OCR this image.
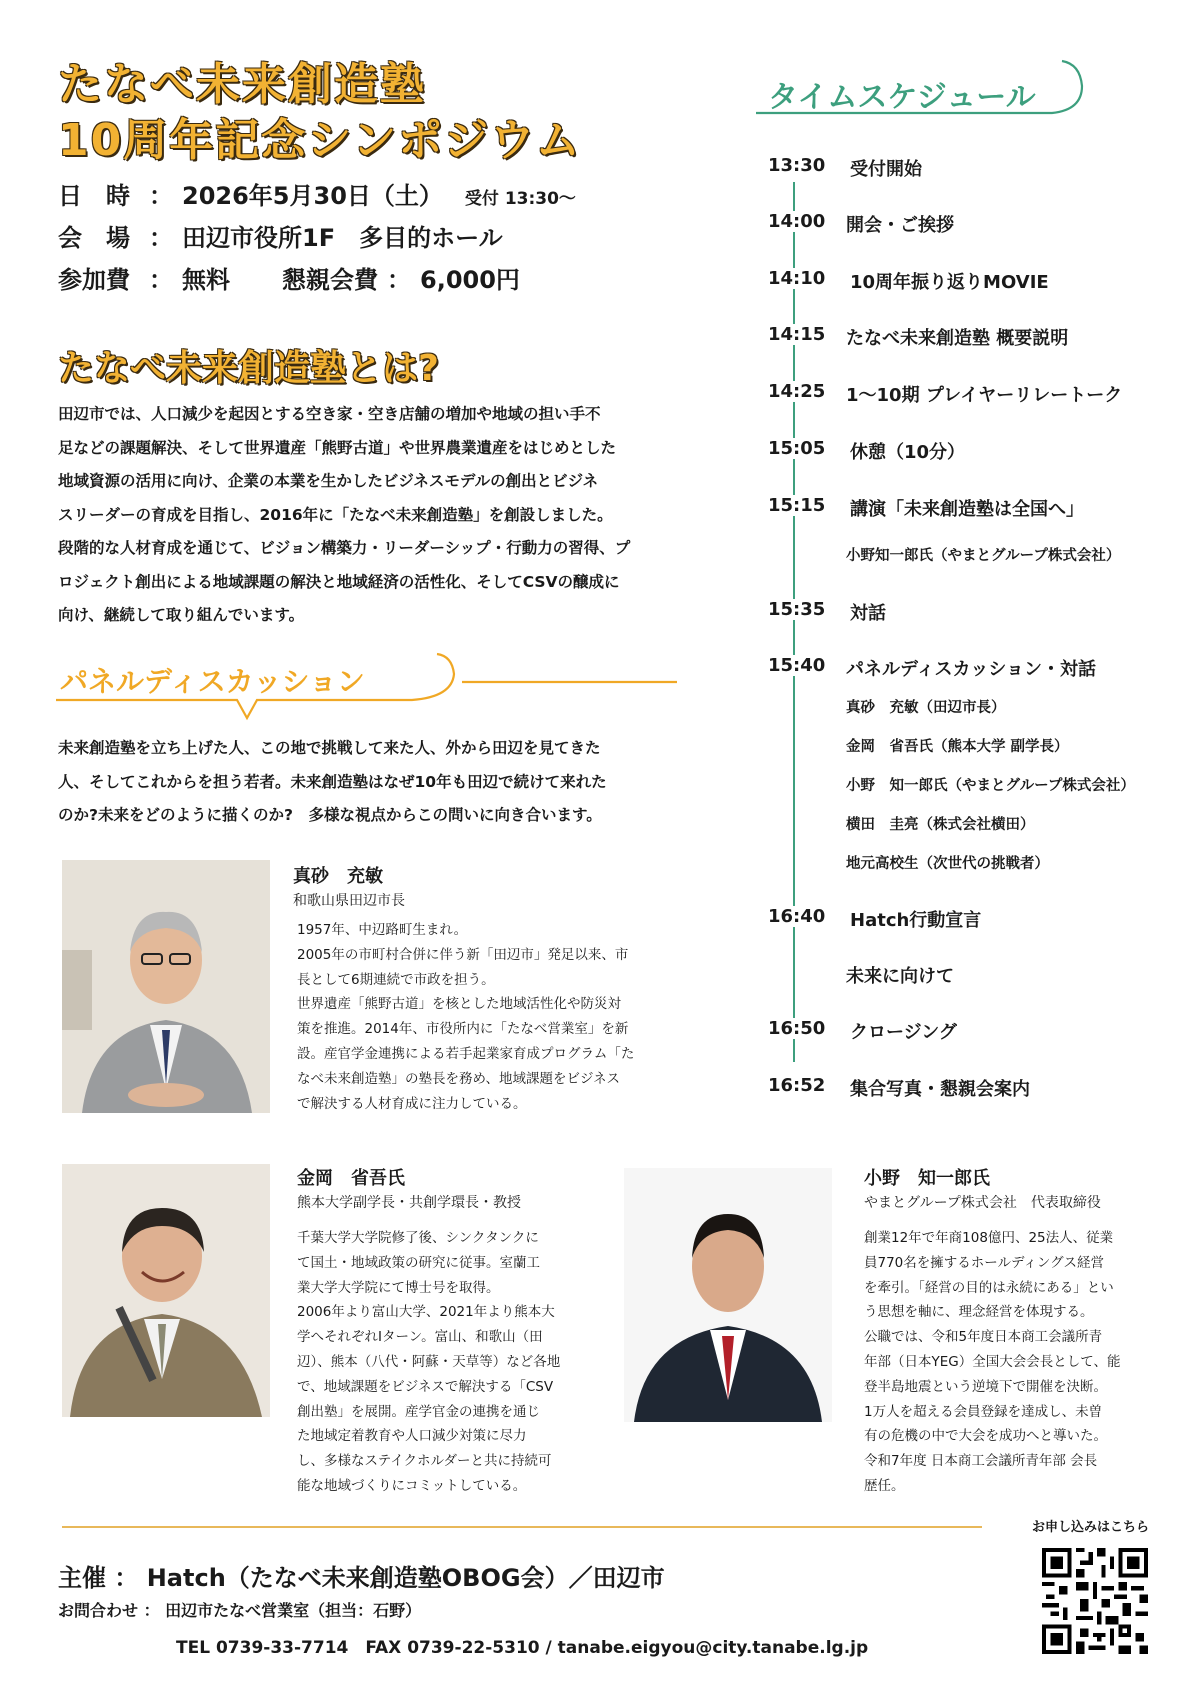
たなべ未来創造塾
10周年記念シンポジウム
日　時 ： 2026年5月30日（土） 受付 13:30〜
会　場 ： 田辺市役所1F　多目的ホール
参加費 ： 無料 懇親会費 ： 6,000円
たなべ未来創造塾とは?

田辺市では、人口減少を起因とする空き家・空き店舗の増加や地域の担い手不

足などの課題解決、そして世界遺産「熊野古道」や世界農業遺産をはじめとした

地域資源の活用に向け、企業の本業を生かしたビジネスモデルの創出とビジネ

スリーダーの育成を目指し、2016年に「たなべ未来創造塾」を創設しました。

段階的な人材育成を通じて、ビジョン構築力・リーダーシップ・行動力の習得、プ

ロジェクト創出による地域課題の解決と地域経済の活性化、そしてCSVの醸成に

向け、継続して取り組んでいます。

パネルディスカッション

未来創造塾を立ち上げた人、この地で挑戦して来た人、外から田辺を見てきた

人、そしてこれからを担う若者。未来創造塾はなぜ10年も田辺で続けて来れた

のか?未来をどのように描くのか?　多様な視点からこの問いに向き合います。

真砂　充敏
和歌山県田辺市長

1957年、中辺路町生まれ。

2005年の市町村合併に伴う新「田辺市」発足以来、市

長として6期連続で市政を担う。

世界遺産「熊野古道」を核とした地域活性化や防災対

策を推進。2014年、市役所内に「たなべ営業室」を新

設。産官学金連携による若手起業家育成プログラム「た

なべ未来創造塾」の塾長を務め、地域課題をビジネス

で解決する人材育成に注力している。

金岡　省吾氏
熊本大学副学長・共創学環長・教授

千葉大学大学院修了後、シンクタンクに

て国土・地域政策の研究に従事。室蘭工

業大学大学院にて博士号を取得。

2006年より富山大学、2021年より熊本大

学へそれぞれIターン。富山、和歌山（田

辺）、熊本（八代・阿蘇・天草等）など各地

で、地域課題をビジネスで解決する「CSV

創出塾」を展開。産学官金の連携を通じ

た地域定着教育や人口減少対策に尽力

し、多様なステイクホルダーと共に持続可

能な地域づくりにコミットしている。

小野　知一郎氏
やまとグループ株式会社　代表取締役

創業12年で年商108億円、25法人、従業

員770名を擁するホールディングス経営

を牽引。「経営の目的は永続にある」とい

う思想を軸に、理念経営を体現する。

公職では、令和5年度日本商工会議所青

年部（日本YEG）全国大会会長として、能

登半島地震という逆境下で開催を決断。

1万人を超える会員登録を達成し、未曽

有の危機の中で大会を成功へと導いた。

令和7年度 日本商工会議所青年部 会長

歴任。

タイムスケジュール
13:30 受付開始
14:00 開会・ご挨拶
14:10 10周年振り返りMOVIE
14:15 たなべ未来創造塾 概要説明
14:25 1〜10期 プレイヤーリレートーク
15:05 休憩（10分）
15:15 講演「未来創造塾は全国へ」
小野知一郎氏（やまとグループ株式会社）
15:35 対話
15:40 パネルディスカッション・対話
真砂　充敏（田辺市長）
金岡　省吾氏（熊本大学 副学長）
小野　知一郎氏（やまとグループ株式会社）
横田　圭亮（株式会社横田）
地元高校生（次世代の挑戦者）
16:40 Hatch行動宣言
未来に向けて
16:50 クロージング
16:52 集合写真・懇親会案内
主催 ： Hatch（たなべ未来創造塾OBOG会）／田辺市
お問合わせ ： 田辺市たなべ営業室（担当：石野）
TEL 0739-33-7714　FAX 0739-22-5310 / tanabe.eigyou@city.tanabe.lg.jp
お申し込みはこちら
